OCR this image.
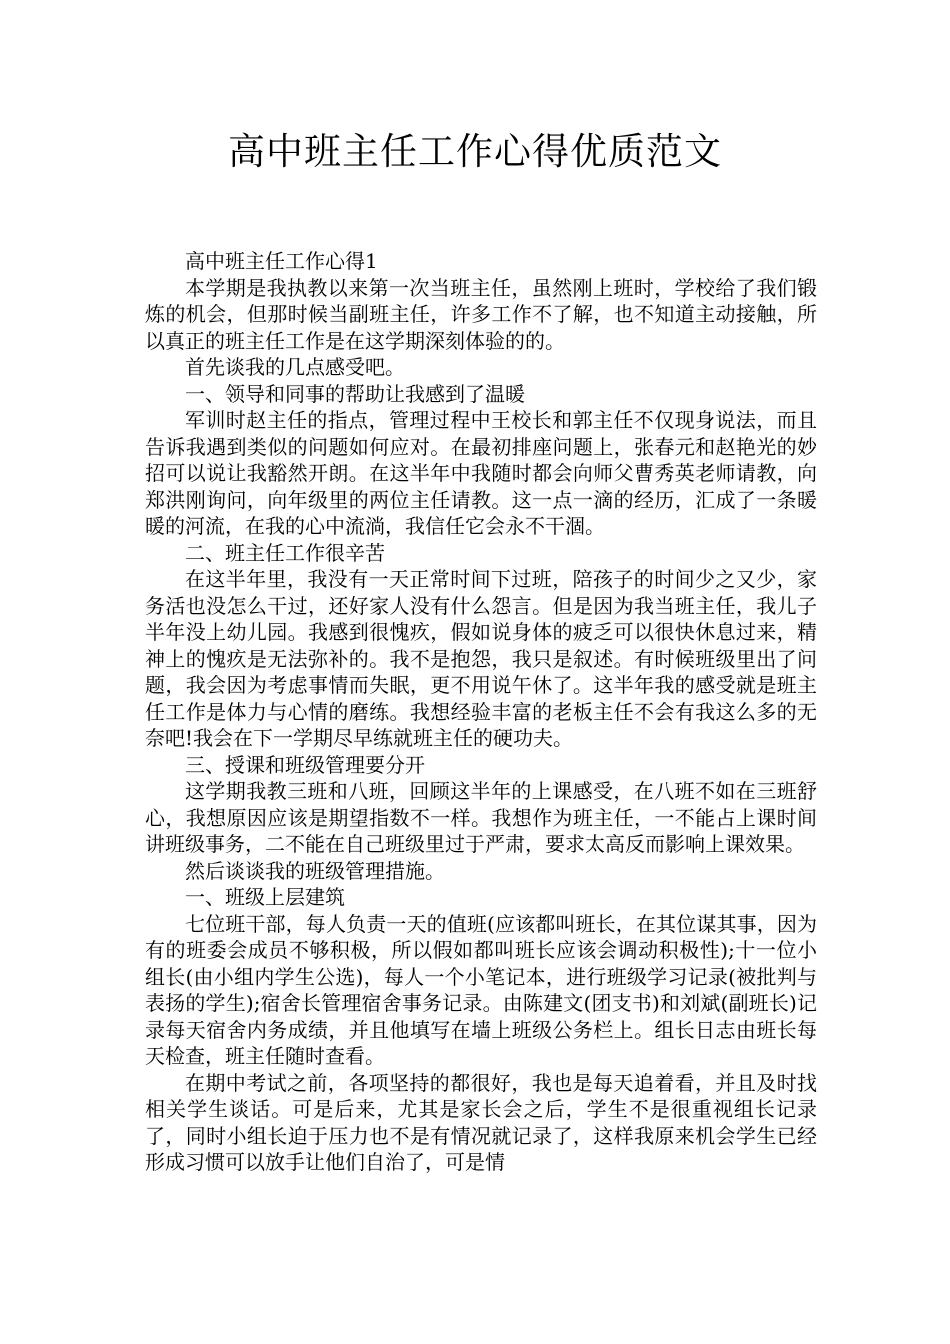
高中班主任工作心得优质范文

高中班主任工作心得1

本学期是我执教以来第一次当班主任，虽然刚上班时，学校给了我们锻炼的机会，但那时候当副班主任，许多工作不了解，也不知道主动接触，所以真正的班主任工作是在这学期深刻体验的的。

首先谈我的几点感受吧。

一、领导和同事的帮助让我感到了温暖

军训时赵主任的指点，管理过程中王校长和郭主任不仅现身说法，而且告诉我遇到类似的问题如何应对。在最初排座问题上，张春元和赵艳光的妙招可以说让我豁然开朗。在这半年中我随时都会向师父曹秀英老师请教，向郑洪刚询问，向年级里的两位主任请教。这一点一滴的经历，汇成了一条暖暖的河流，在我的心中流淌，我信任它会永不干涸。

二、班主任工作很辛苦

在这半年里，我没有一天正常时间下过班，陪孩子的时间少之又少，家务活也没怎么干过，还好家人没有什么怨言。但是因为我当班主任，我儿子半年没上幼儿园。我感到很愧疚，假如说身体的疲乏可以很快休息过来，精神上的愧疚是无法弥补的。我不是抱怨，我只是叙述。有时候班级里出了问题，我会因为考虑事情而失眠，更不用说午休了。这半年我的感受就是班主任工作是体力与心情的磨练。我想经验丰富的老板主任不会有我这么多的无奈吧!我会在下一学期尽早练就班主任的硬功夫。

三、授课和班级管理要分开

这学期我教三班和八班，回顾这半年的上课感受，在八班不如在三班舒心，我想原因应该是期望指数不一样。我想作为班主任，一不能占上课时间讲班级事务，二不能在自己班级里过于严肃，要求太高反而影响上课效果。

然后谈谈我的班级管理措施。

一、班级上层建筑

七位班干部，每人负责一天的值班(应该都叫班长，在其位谋其事，因为有的班委会成员不够积极，所以假如都叫班长应该会调动积极性);十一位小组长(由小组内学生公选)，每人一个小笔记本，进行班级学习记录(被批判与表扬的学生);宿舍长管理宿舍事务记录。由陈建文(团支书)和刘斌(副班长)记录每天宿舍内务成绩，并且他填写在墙上班级公务栏上。组长日志由班长每天检查，班主任随时查看。

在期中考试之前，各项坚持的都很好，我也是每天追着看，并且及时找相关学生谈话。可是后来，尤其是家长会之后，学生不是很重视组长记录了，同时小组长迫于压力也不是有情况就记录了，这样我原来机会学生已经形成习惯可以放手让他们自治了，可是情
